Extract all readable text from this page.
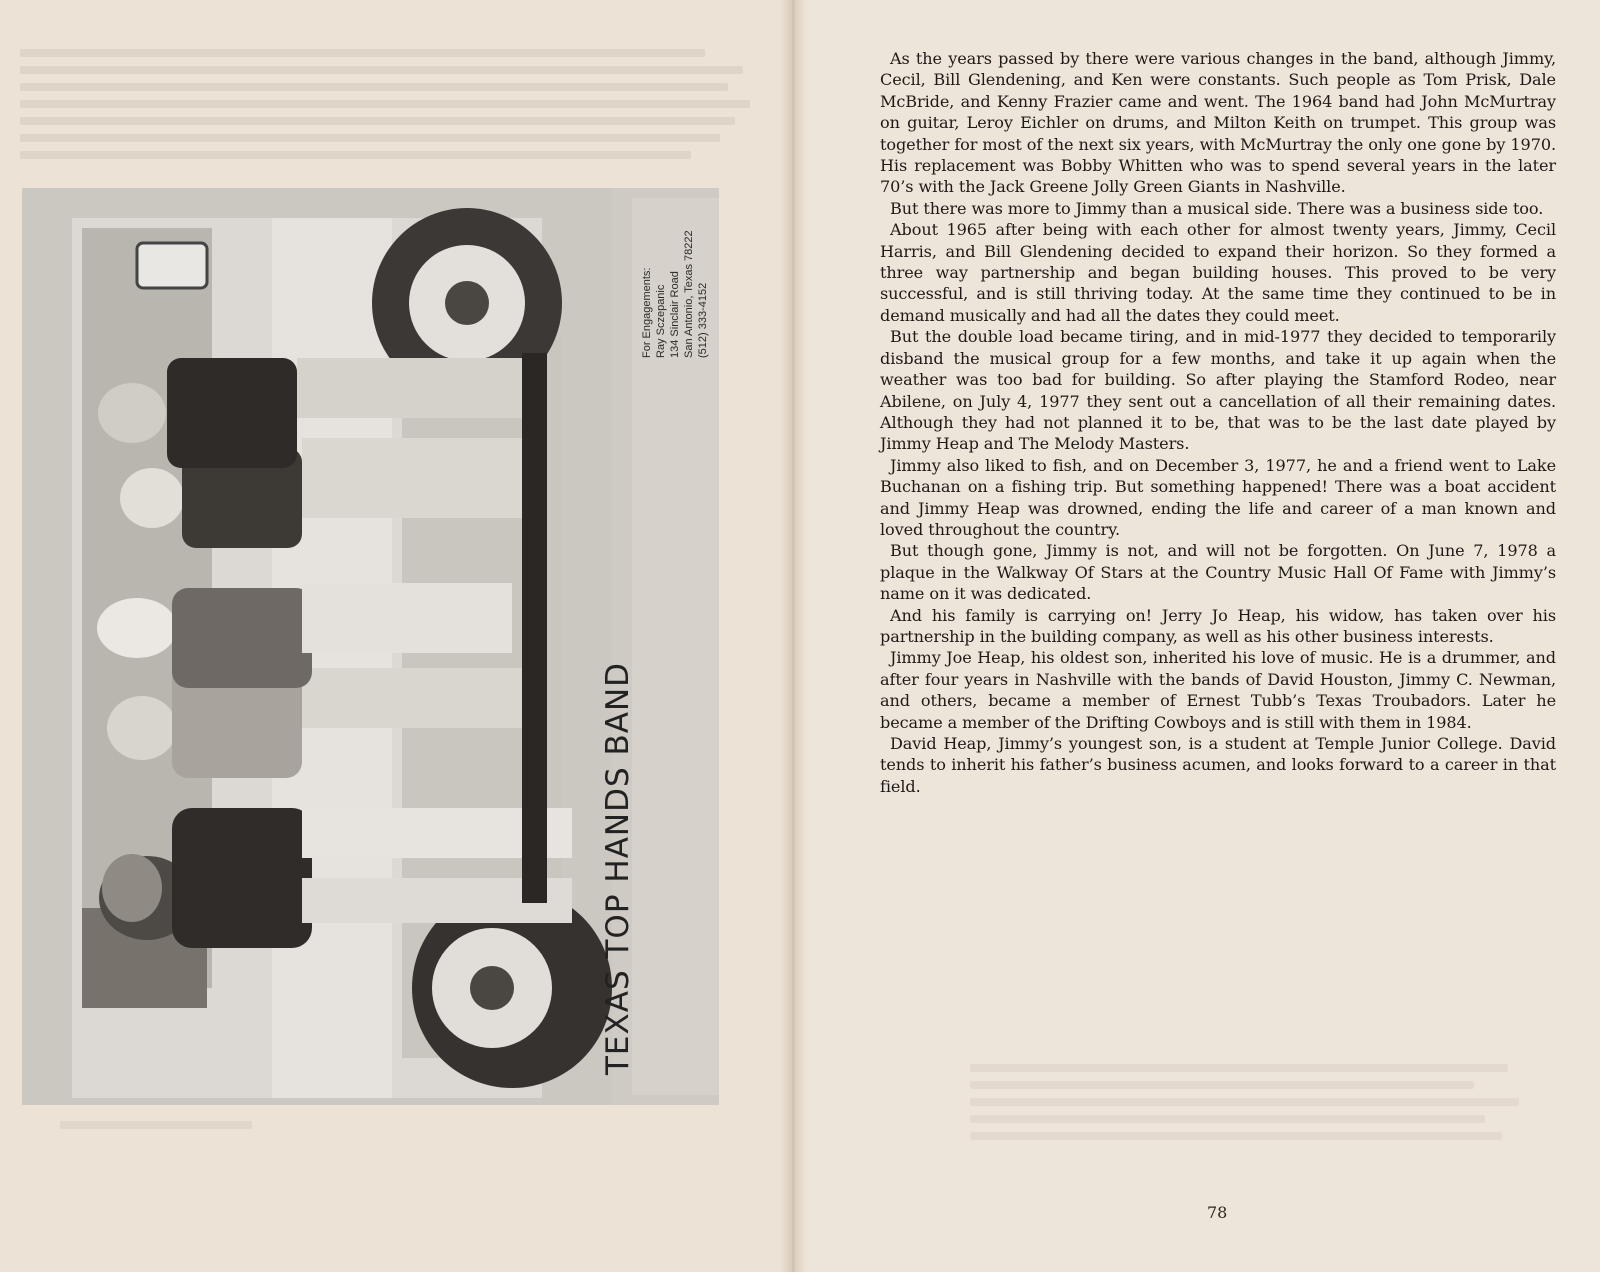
TEXAS TOP HANDS BAND
For Engagements: Ray Sczepanic 134 Sinclair Road San Antonio, Texas 78222 (512) 333-4152

As the years passed by there were various changes in the band, although Jimmy, Cecil, Bill Glendening, and Ken were constants. Such people as Tom Prisk, Dale McBride, and Kenny Frazier came and went. The 1964 band had John McMurtray on guitar, Leroy Eichler on drums, and Milton Keith on trumpet. This group was together for most of the next six years, with McMurtray the only one gone by 1970. His replacement was Bobby Whitten who was to spend several years in the later 70’s with the Jack Greene Jolly Green Giants in Nashville.

But there was more to Jimmy than a musical side. There was a business side too.

About 1965 after being with each other for almost twenty years, Jimmy, Cecil Harris, and Bill Glendening decided to expand their horizon. So they formed a three way partnership and began building houses. This proved to be very successful, and is still thriving today. At the same time they continued to be in demand musically and had all the dates they could meet.

But the double load became tiring, and in mid-1977 they decided to temporarily disband the musical group for a few months, and take it up again when the weather was too bad for building. So after playing the Stamford Rodeo, near Abilene, on July 4, 1977 they sent out a cancellation of all their remaining dates. Although they had not planned it to be, that was to be the last date played by Jimmy Heap and The Melody Masters.

Jimmy also liked to fish, and on December 3, 1977, he and a friend went to Lake Buchanan on a fishing trip. But something happened! There was a boat accident and Jimmy Heap was drowned, ending the life and career of a man known and loved throughout the country.

But though gone, Jimmy is not, and will not be forgotten. On June 7, 1978 a plaque in the Walkway Of Stars at the Country Music Hall Of Fame with Jimmy’s name on it was dedicated.

And his family is carrying on! Jerry Jo Heap, his widow, has taken over his partnership in the building company, as well as his other business interests.

Jimmy Joe Heap, his oldest son, inherited his love of music. He is a drummer, and after four years in Nashville with the bands of David Houston, Jimmy C. Newman, and others, became a member of Ernest Tubb’s Texas Troubadors. Later he became a member of the Drifting Cowboys and is still with them in 1984.

David Heap, Jimmy’s youngest son, is a student at Temple Junior College. David tends to inherit his father’s business acumen, and looks forward to a career in that field.

78
